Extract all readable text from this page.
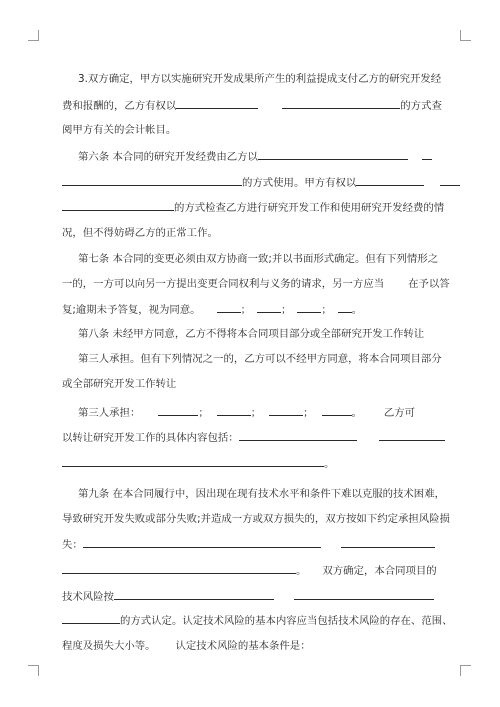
3.双方确定，甲方以实施研究开发成果所产生的利益提成支付乙方的研究开发经
费和报酬的，乙方有权以	的方式查
阅甲方有关的会计帐目。
第六条 本合同的研究开发经费由乙方以
的方式使用。甲方有权以
的方式检查乙方进行研究开发工作和使用研究开发经费的情
况，但不得妨碍乙方的正常工作。
第七条 本合同的变更必须由双方协商一致;并以书面形式确定。但有下列情形之
一的，一方可以向另一方提出变更合同权利与义务的请求，另一方应当 在予以答
复;逾期未予答复，视为同意。	；	；	； 。
第八条 未经甲方同意，乙方不得将本合同项目部分或全部研究开发工作转让
第三人承担。但有下列情况之一的，乙方可以不经甲方同意，将本合同项目部分
或全部研究开发工作转让
第三人承担：	；	；	；	。 乙方可
以转让研究开发工作的具体内容包括：
。
第九条 在本合同履行中，因出现在现有技术水平和条件下难以克服的技术困难，
导致研究开发失败或部分失败;并造成一方或双方损失的，双方按如下约定承担风险损
失：
。 双方确定，本合同项目的
技术风险按
的方式认定。认定技术风险的基本内容应当包括技术风险的存在、范围、
程度及损失大小等。 认定技术风险的基本条件是：
